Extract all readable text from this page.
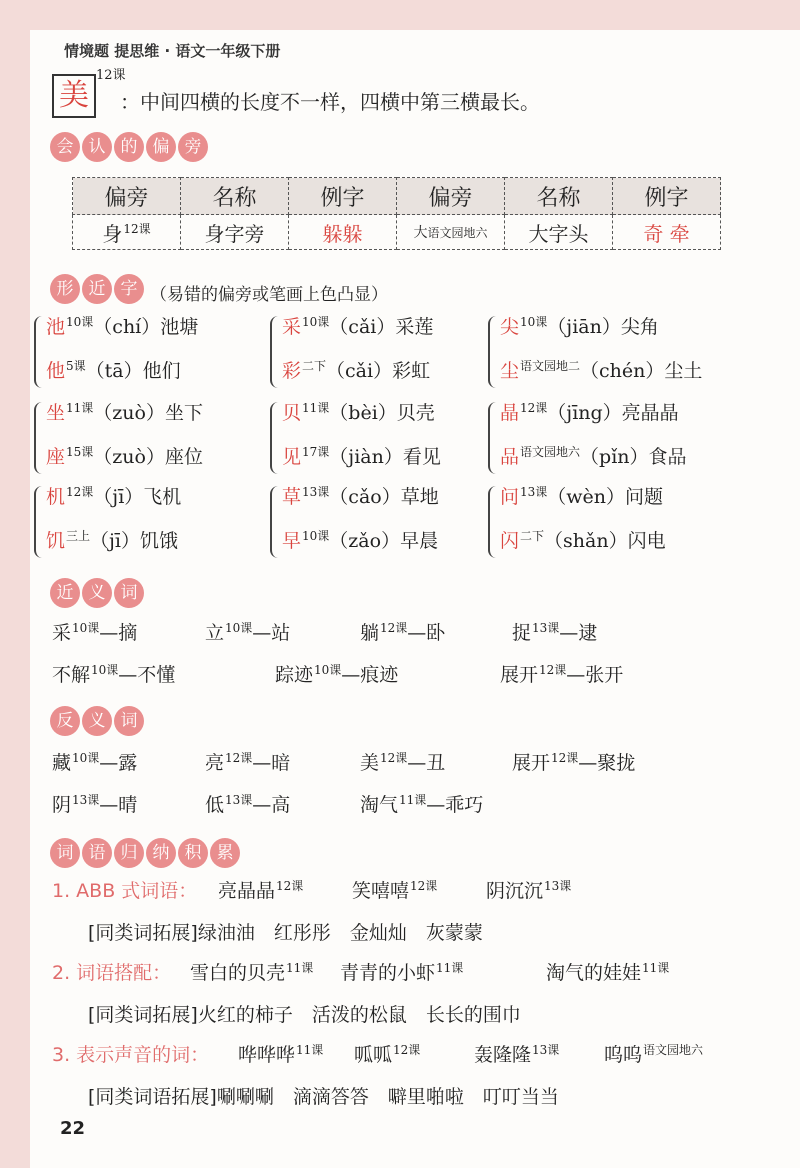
情境题 提思维 · 语文一年级下册
美
12课
：中间四横的长度不一样，四横中第三横最长。
会 认 的 偏 旁
偏旁	名称	例字	偏旁	名称	例字
身$^{12课}$	身字旁	躲躲	大语文园地六	大字头	奇 牵
形 近 字 （易错的偏旁或笔画上色凸显）
池$^{10课}$（chí）池塘
他$^{5课}$（tā）他们
采$^{10课}$（cǎi）采莲
彩$^{二下}$（cǎi）彩虹
尖$^{10课}$（jiān）尖角
尘$^{语文园地二}$（chén）尘土
坐$^{11课}$（zuò）坐下
座$^{15课}$（zuò）座位
贝$^{11课}$（bèi）贝壳
见$^{17课}$（jiàn）看见
晶$^{12课}$（jīng）亮晶晶
品$^{语文园地六}$（pǐn）食品
机$^{12课}$（jī）飞机
饥$^{三上}$（jī）饥饿
草$^{13课}$（cǎo）草地
早$^{10课}$（zǎo）早晨
问$^{13课}$（wèn）问题
闪$^{二下}$（shǎn）闪电
近 义 词
采$^{10课}$—摘	立$^{10课}$—站	躺$^{12课}$—卧	捉$^{13课}$—逮
不解$^{10课}$—不懂	踪迹$^{10课}$—痕迹	展开$^{12课}$—张开
反 义 词
藏$^{10课}$—露	亮$^{12课}$—暗	美$^{12课}$—丑	展开$^{12课}$—聚拢
阴$^{13课}$—晴	低$^{13课}$—高	淘气$^{11课}$—乖巧
词 语 归 纳 积 累
1. ABB 式词语： 亮晶晶$^{12课}$	笑嘻嘻$^{12课}$	阴沉沉$^{13课}$
[同类词拓展]绿油油　红彤彤　金灿灿　灰蒙蒙
2. 词语搭配： 雪白的贝壳$^{11课}$ 青青的小虾$^{11课}$	淘气的娃娃$^{11课}$
[同类词拓展]火红的柿子　活泼的松鼠　长长的围巾
3. 表示声音的词： 哗哗哗$^{11课}$ 呱呱$^{12课}$	轰隆隆$^{13课}$ 呜呜$^{语文园地六}$
[同类词语拓展]唰唰唰　滴滴答答　噼里啪啦　叮叮当当
22
